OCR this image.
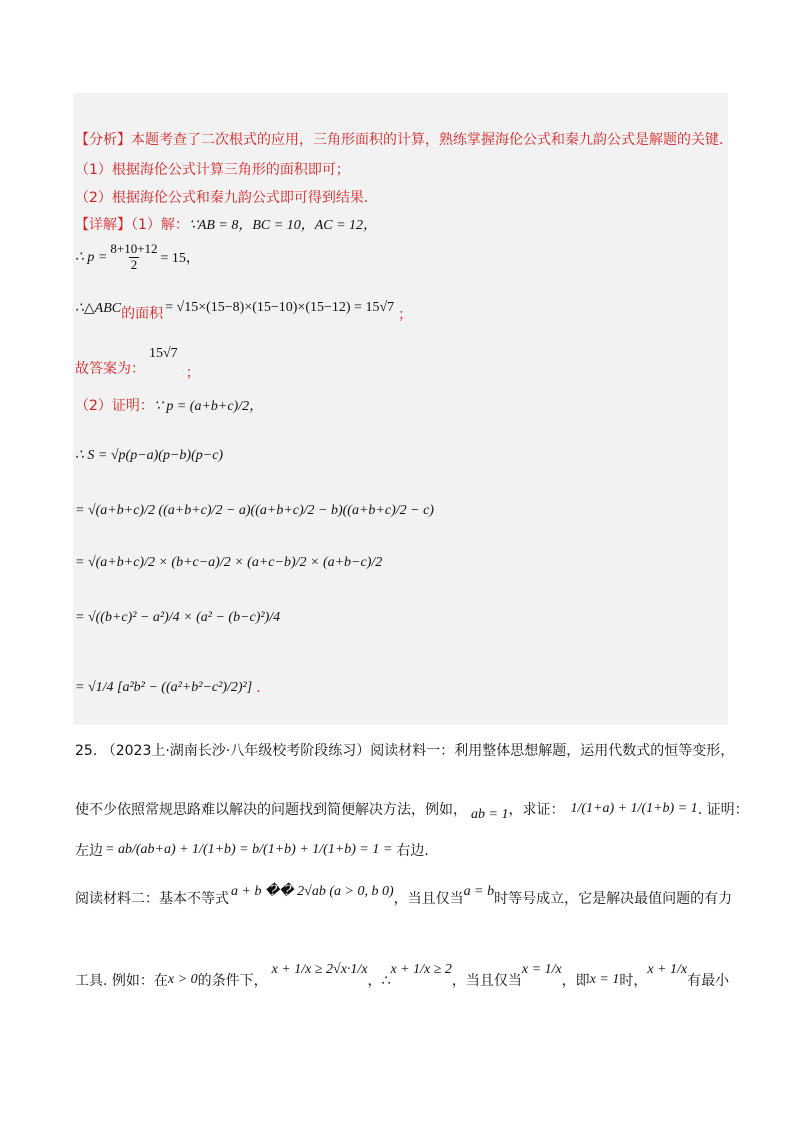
【分析】本题考查了二次根式的应用，三角形面积的计算，熟练掌握海伦公式和秦九韵公式是解题的关键.
（1）根据海伦公式计算三角形的面积即可；
（2）根据海伦公式和秦九韵公式即可得到结果.
【详解】（1）解：∵AB = 8，BC = 10，AC = 12，
∴ $p = \frac{8+10+12}{2} = 15$，
∴△ABC 的面积 = √15×(15−8)×(15−10)×(15−12) = 15√7 ；
故答案为：
15√7
；
（2）证明： ∵ p = (a+b+c)/2，
∴ S = √p(p−a)(p−b)(p−c)
= √(a+b+c)/2 ((a+b+c)/2 − a)((a+b+c)/2 − b)((a+b+c)/2 − c)
= √(a+b+c)/2 × (b+c−a)/2 × (a+c−b)/2 × (a+b−c)/2
= √((b+c)² − a²)/4 × (a² − (b−c)²)/4
= √1/4 [a²b² − ((a²+b²−c²)/2)²] .
25. （2023上·湖南长沙·八年级校考阶段练习）阅读材料一：利用整体思想解题，运用代数式的恒等变形，
使不少依照常规思路难以解决的问题找到简便解决方法，例如， ab = 1 ，求证： 1/(1+a) + 1/(1+b) = 1 . 证明：
左边 = ab/(ab+a) + 1/(1+b) = b/(1+b) + 1/(1+b) = 1 = 右边.
阅读材料二：基本不等式 a + b �� 2√ab (a > 0, b 0) ，当且仅当 a = b 时等号成立，它是解决最值问题的有力
工具. 例如：在 x > 0 的条件下，
x + 1/x ≥ 2√x·1/x
，∴
x + 1/x ≥ 2
，当且仅当
x = 1/x
，即 x = 1 时，
x + 1/x
有最小
